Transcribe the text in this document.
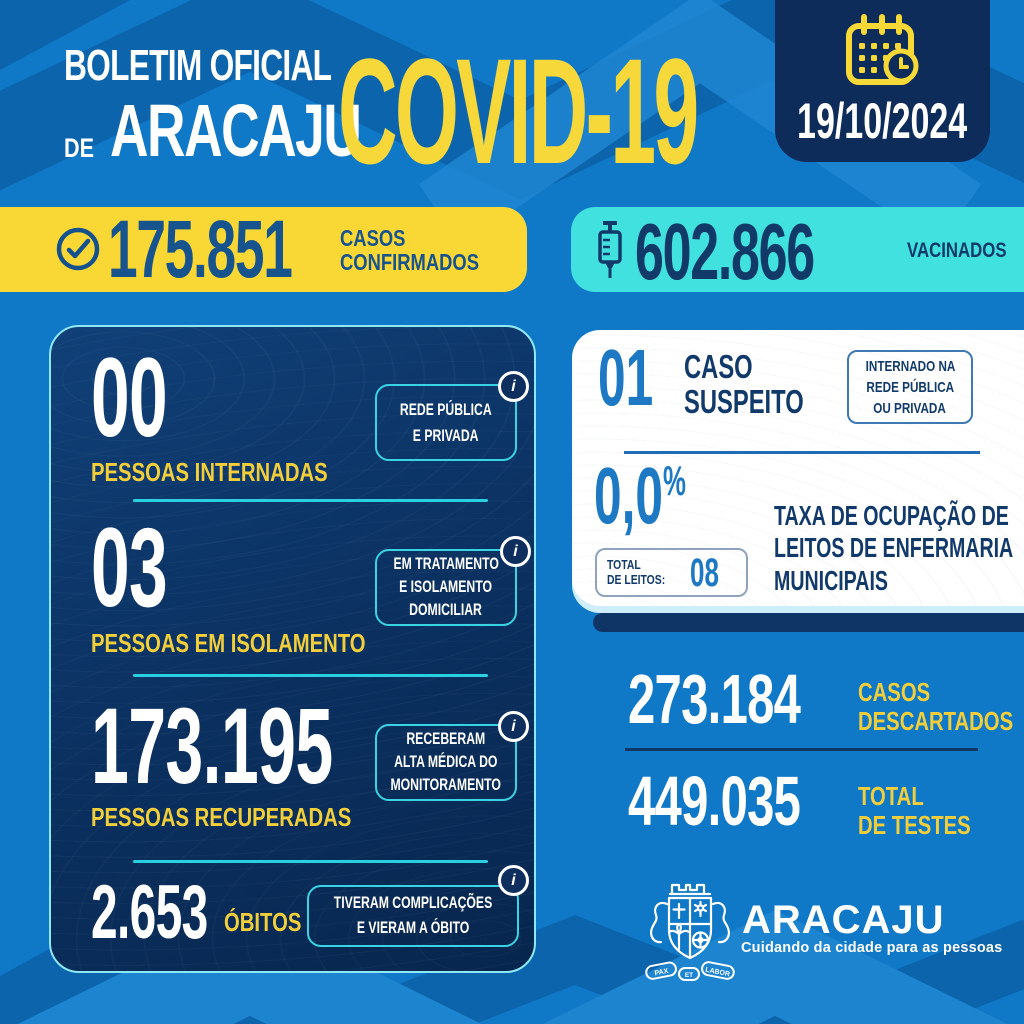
BOLETIM OFICIAL
DE ARACAJU
COVID-19	19/10/2024
175.851	CASOS
CONFIRMADOS	602.866	VACINADOS
00
PESSOAS INTERNADAS
REDE PÚBLICA
E PRIVADA
i
03
PESSOAS EM ISOLAMENTO
EM TRATAMENTO
E ISOLAMENTO
DOMICILIAR
i
173.195
PESSOAS RECUPERADAS
RECEBERAM
ALTA MÉDICA DO
MONITORAMENTO
i
2.653 ÓBITOS
TIVERAM COMPLICAÇÕES
E VIERAM A ÓBITO
i
01 CASO
SUSPEITO
INTERNADO NA
REDE PÚBLICA
OU PRIVADA
0,0%
TOTAL
DE LEITOS: 08
TAXA DE OCUPAÇÃO DE
LEITOS DE ENFERMARIA
MUNICIPAIS
273.184	CASOS
DESCARTADOS
449.035	TOTAL
DE TESTES
PAX ET LABOR
ARACAJU
Cuidando da cidade para as pessoas
